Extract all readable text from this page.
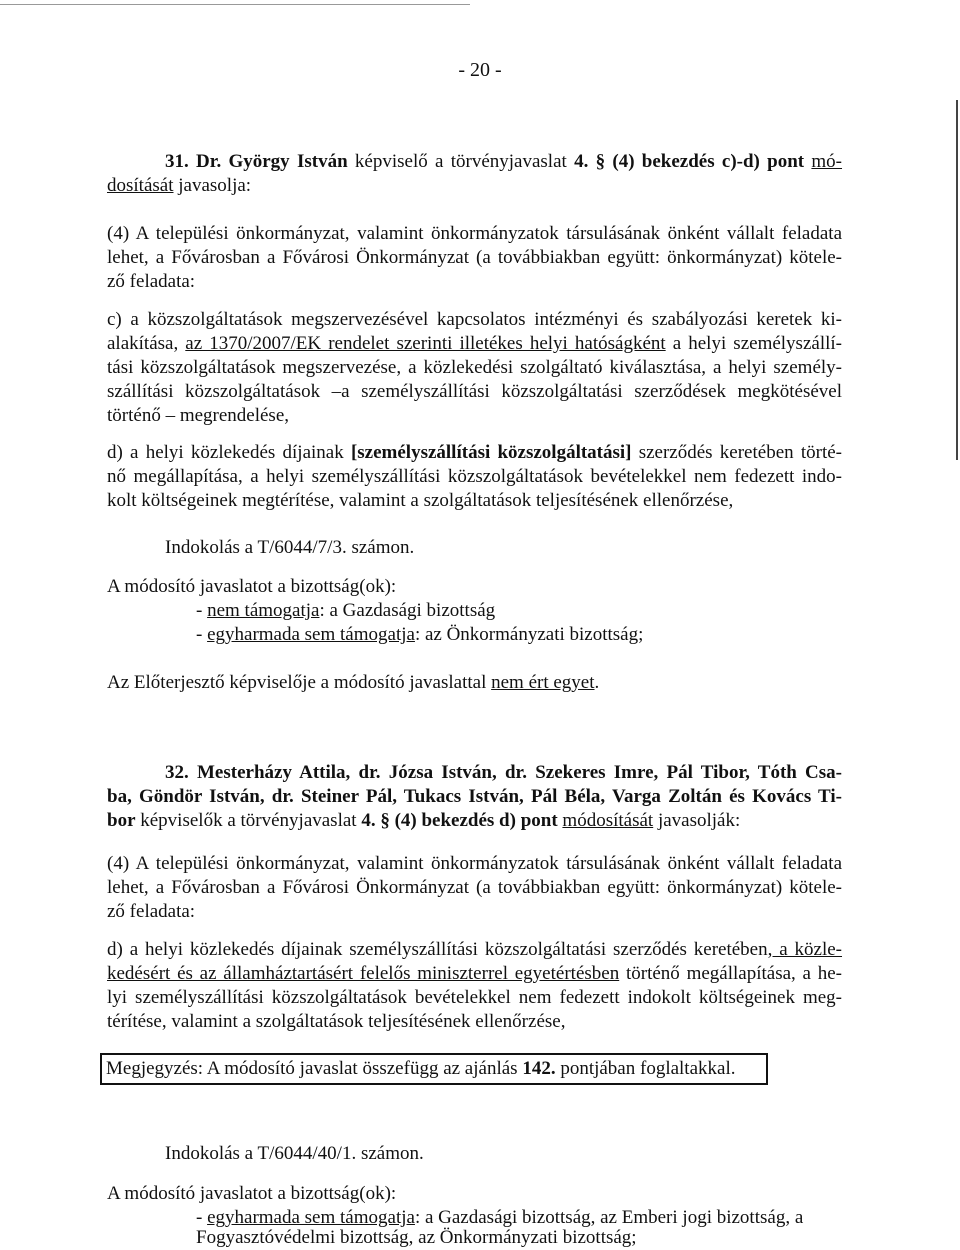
- 20 -
31. Dr. György István képviselő a törvényjavaslat 4. § (4) bekezdés c)-d) pont mó-
dosítását javasolja:
(4) A települési önkormányzat, valamint önkormányzatok társulásának önként vállalt feladata
lehet, a Fővárosban a Fővárosi Önkormányzat (a továbbiakban együtt: önkormányzat) kötele-
ző feladata:
c) a közszolgáltatások megszervezésével kapcsolatos intézményi és szabályozási keretek ki-
alakítása, az 1370/2007/EK rendelet szerinti illetékes helyi hatóságként a helyi személyszállí-
tási közszolgáltatások megszervezése, a közlekedési szolgáltató kiválasztása, a helyi személy-
szállítási közszolgáltatások –a személyszállítási közszolgáltatási szerződések megkötésével
történő – megrendelése,
d) a helyi közlekedés díjainak [személyszállítási közszolgáltatási] szerződés keretében törté-
nő megállapítása, a helyi személyszállítási közszolgáltatások bevételekkel nem fedezett indo-
kolt költségeinek megtérítése, valamint a szolgáltatások teljesítésének ellenőrzése,
Indokolás a T/6044/7/3. számon.
A módosító javaslatot a bizottság(ok):
- nem támogatja: a Gazdasági bizottság
- egyharmada sem támogatja: az Önkormányzati bizottság;
Az Előterjesztő képviselője a módosító javaslattal nem ért egyet.
32. Mesterházy Attila, dr. Józsa István, dr. Szekeres Imre, Pál Tibor, Tóth Csa-
ba, Göndör István, dr. Steiner Pál, Tukacs István, Pál Béla, Varga Zoltán és Kovács Ti-
bor képviselők a törvényjavaslat 4. § (4) bekezdés d) pont módosítását javasolják:
(4) A települési önkormányzat, valamint önkormányzatok társulásának önként vállalt feladata
lehet, a Fővárosban a Fővárosi Önkormányzat (a továbbiakban együtt: önkormányzat) kötele-
ző feladata:
d) a helyi közlekedés díjainak személyszállítási közszolgáltatási szerződés keretében, a közle-
kedésért és az államháztartásért felelős miniszterrel egyetértésben történő megállapítása, a he-
lyi személyszállítási közszolgáltatások bevételekkel nem fedezett indokolt költségeinek meg-
térítése, valamint a szolgáltatások teljesítésének ellenőrzése,
Megjegyzés: A módosító javaslat összefügg az ajánlás 142. pontjában foglaltakkal.
Indokolás a T/6044/40/1. számon.
A módosító javaslatot a bizottság(ok):
- egyharmada sem támogatja: a Gazdasági bizottság, az Emberi jogi bizottság, a
Fogyasztóvédelmi bizottság, az Önkormányzati bizottság;
